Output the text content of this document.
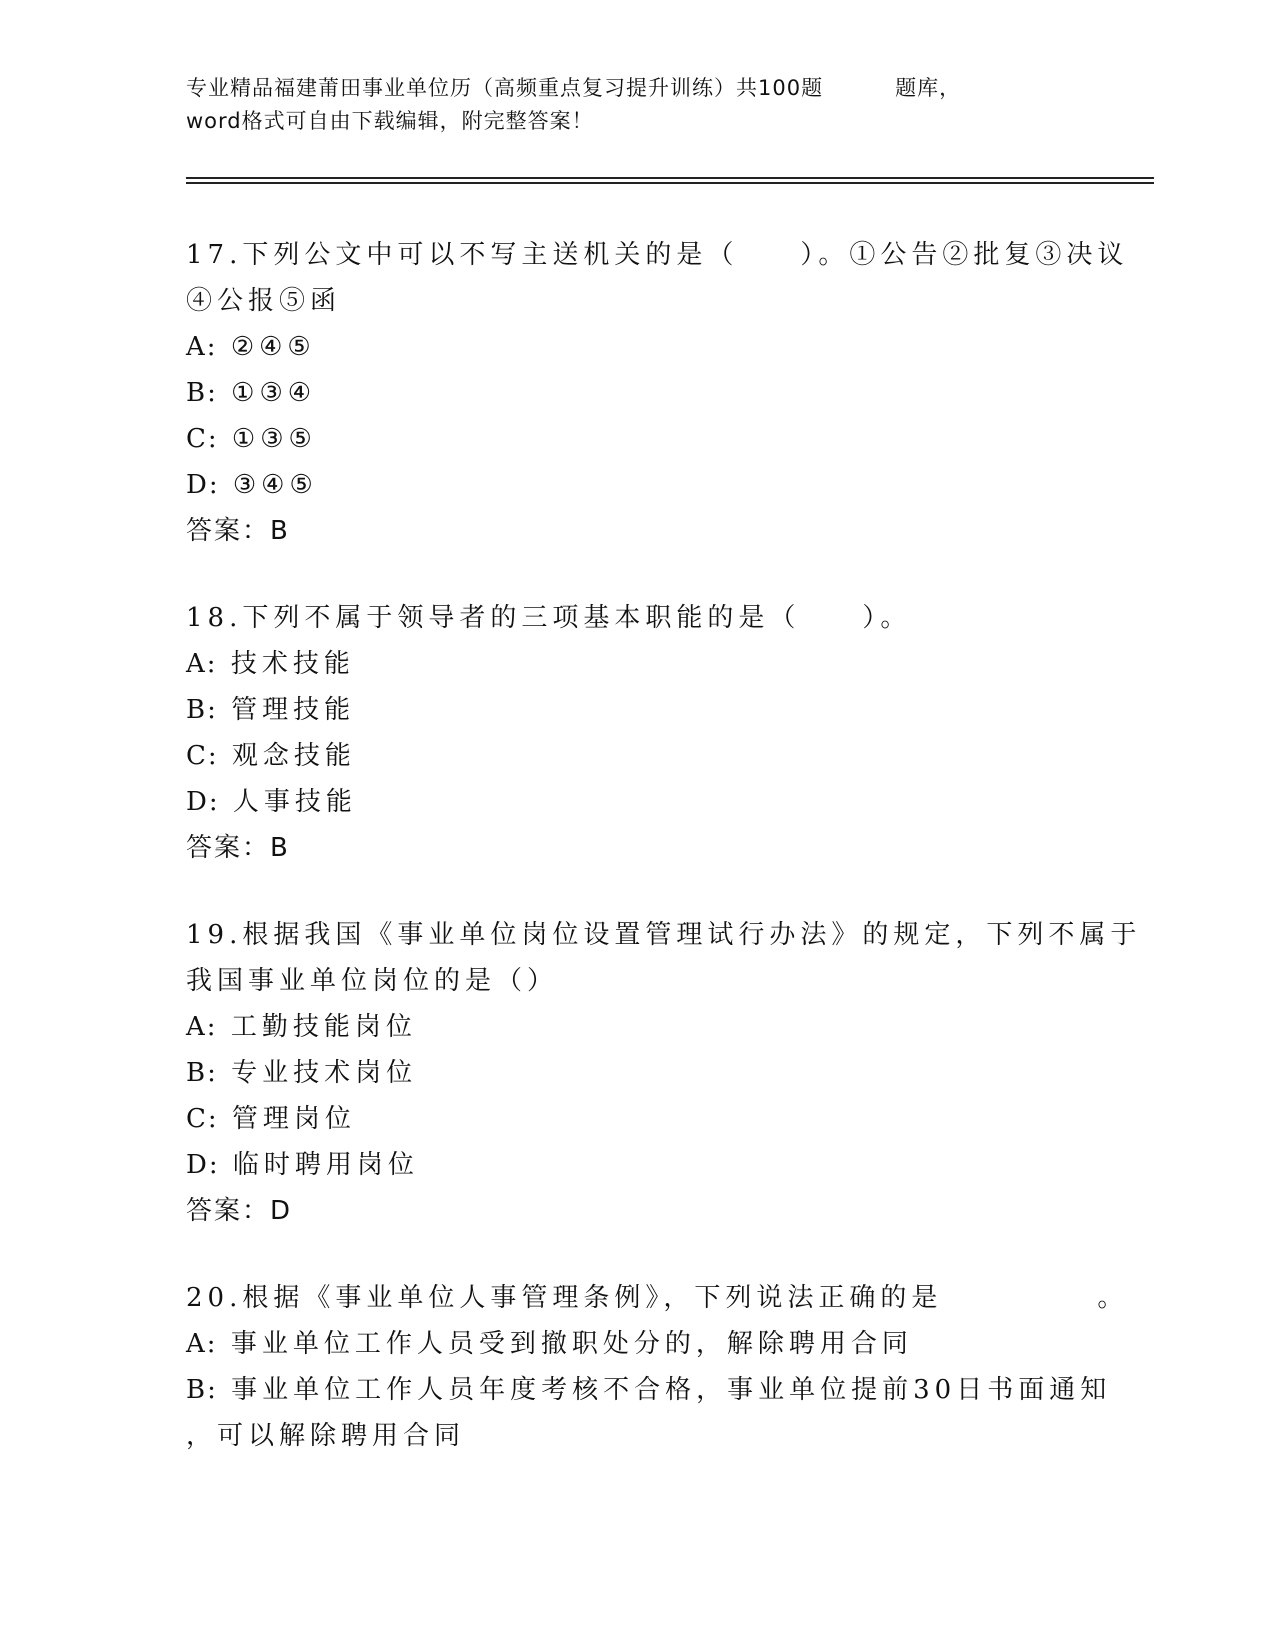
专业精品福建莆田事业单位历（高频重点复习提升训练）共100题	题库，
word格式可自由下载编辑，附完整答案！
17.下列公文中可以不写主送机关的是（　　）。①公告②批复③决议
④公报⑤函
A: ②④⑤
B: ①③④
C: ①③⑤
D: ③④⑤
答案：B
18.下列不属于领导者的三项基本职能的是（　　）。
A: 技术技能
B: 管理技能
C: 观念技能
D: 人事技能
答案：B
19.根据我国《事业单位岗位设置管理试行办法》的规定，下列不属于
我国事业单位岗位的是（）
A: 工勤技能岗位
B: 专业技术岗位
C: 管理岗位
D: 临时聘用岗位
答案：D
20.根据《事业单位人事管理条例》，下列说法正确的是　　　　　。
A: 事业单位工作人员受到撤职处分的，解除聘用合同
B: 事业单位工作人员年度考核不合格，事业单位提前30日书面通知
，可以解除聘用合同
